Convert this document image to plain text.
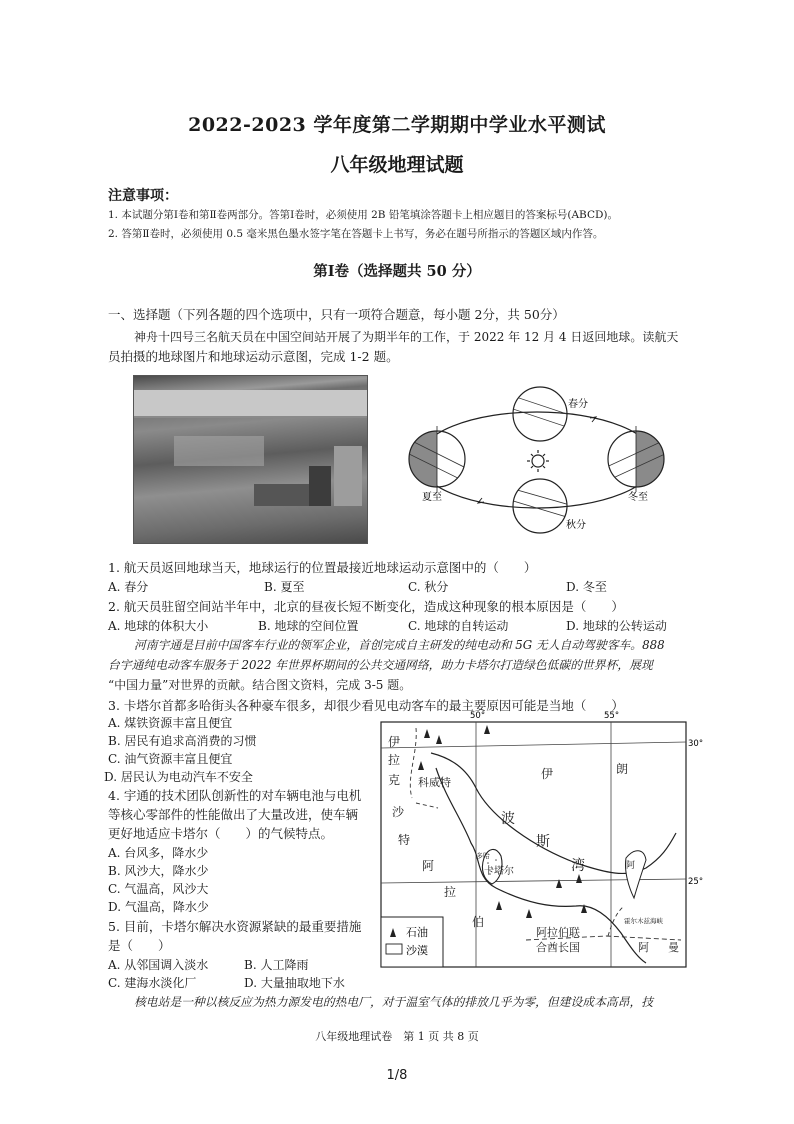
2022-2023 学年度第二学期期中学业水平测试
八年级地理试题
注意事项：
1. 本试题分第Ⅰ卷和第Ⅱ卷两部分。答第Ⅰ卷时，必须使用 2B 铅笔填涂答题卡上相应题目的答案标号(ABCD)。
2. 答第Ⅱ卷时，必须使用 0.5 毫米黑色墨水签字笔在答题卡上书写，务必在题号所指示的答题区域内作答。
第Ⅰ卷（选择题共 50 分）
一、选择题（下列各题的四个选项中，只有一项符合题意，每小题 2分，共 50分）
神舟十四号三名航天员在中国空间站开展了为期半年的工作，于 2022 年 12 月 4 日返回地球。读航天
员拍摄的地球图片和地球运动示意图，完成 1-2 题。
春分
夏至	冬至
秋分
1. 航天员返回地球当天，地球运行的位置最接近地球运动示意图中的（　　）
A. 春分	B. 夏至	C. 秋分	D. 冬至
2. 航天员驻留空间站半年中，北京的昼夜长短不断变化，造成这种现象的根本原因是（　　）
A. 地球的体积大小	B. 地球的空间位置	C. 地球的自转运动	D. 地球的公转运动
河南宇通是目前中国客车行业的领军企业，首创完成自主研发的纯电动和 5G 无人自动驾驶客车。888
台宇通纯电动客车服务于 2022 年世界杯期间的公共交通网络，助力卡塔尔打造绿色低碳的世界杯，展现
“中国力量”对世界的贡献。结合图文资料，完成 3-5 题。
3. 卡塔尔首都多哈街头各种豪车很多，却很少看见电动客车的最主要原因可能是当地（　　）
A. 煤铁资源丰富且便宜
B. 居民有追求高消费的习惯
C. 油气资源丰富且便宜
D. 居民认为电动汽车不安全
4. 宇通的技术团队创新性的对车辆电池与电机
等核心零部件的性能做出了大量改进，使车辆
更好地适应卡塔尔（　　）的气候特点。
A. 台风多，降水少
B. 风沙大，降水少
C. 气温高，风沙大
D. 气温高，降水少
5. 目前，卡塔尔解决水资源紧缺的最重要措施
是（　　）
A. 从邻国调入淡水	B. 人工降雨
C. 建海水淡化厂	D. 大量抽取地下水
50°	55°
30°
25°
伊
拉
克 科威特
沙
特
阿
拉
伯
伊	朗
波
斯
湾
卡塔尔
多哈
阿拉伯联
合酋长国
阿
阿 曼
霍尔木兹海峡
石油
沙漠
核电站是一种以核反应为热力源发电的热电厂，对于温室气体的排放几乎为零，但建设成本高昂，技
八年级地理试卷　第 1 页 共 8 页
1/8
